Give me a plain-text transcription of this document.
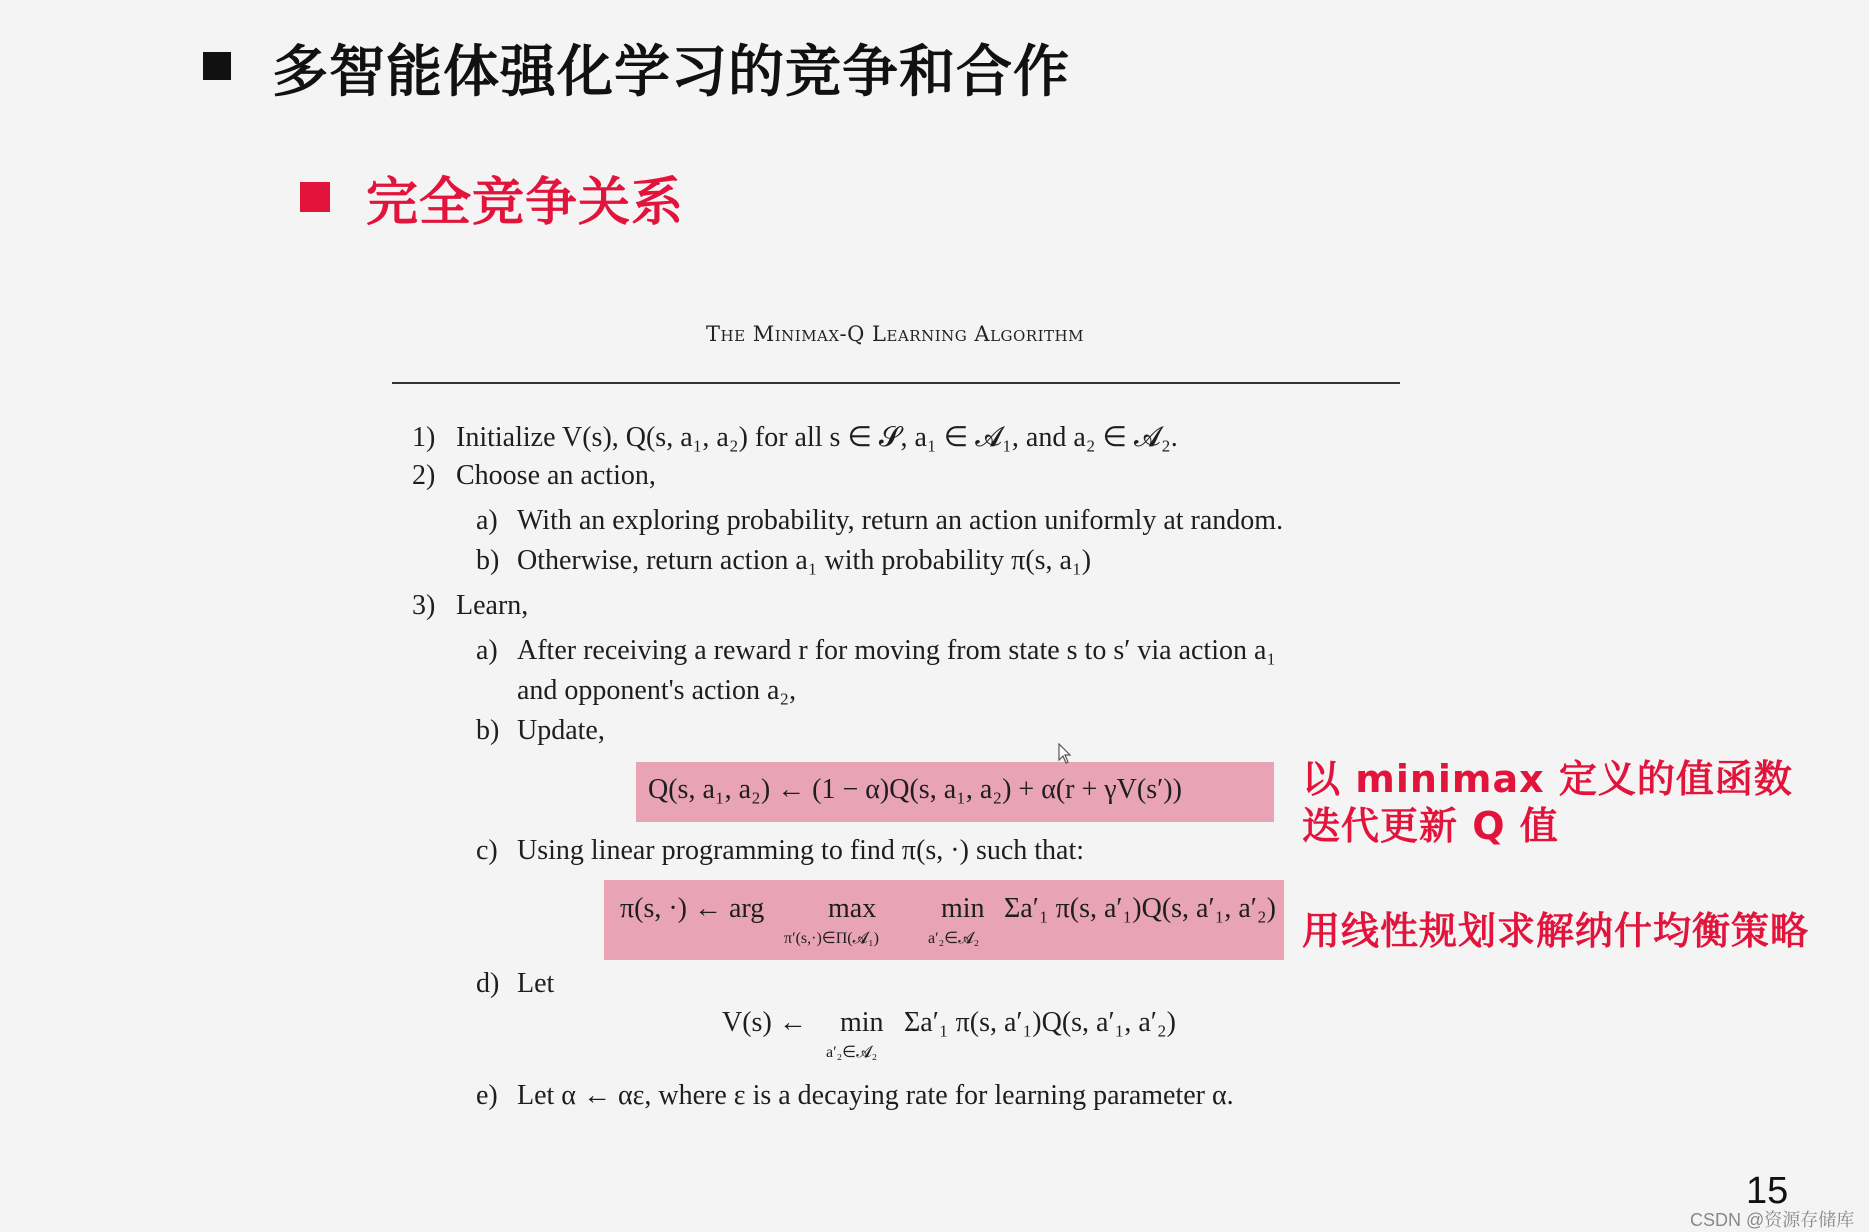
多智能体强化学习的竞争和合作
完全竞争关系
The Minimax-Q Learning Algorithm
1) Initialize V(s), Q(s, a₁, a₂) for all s ∈ 𝓢, a₁ ∈ 𝓐₁, and a₂ ∈ 𝓐₂.
2) Choose an action,
a) With an exploring probability, return an action uniformly at random.
b) Otherwise, return action a₁ with probability π(s, a₁)
3) Learn,
a) After receiving a reward r for moving from state s to s′ via action a₁
and opponent's action a₂,
b) Update,
Q(s, a₁, a₂) ← (1 − α)Q(s, a₁, a₂) + α(r + γV(s′))
c) Using linear programming to find π(s, ·) such that:
π(s, ·) ← arg max
π′(s,·)∈Π(𝓐₁)
min
a′₂∈𝓐₂
Σa′₁ π(s, a′₁)Q(s, a′₁, a′₂)
d) Let
V(s) ← min
a′₂∈𝓐₂
Σa′₁ π(s, a′₁)Q(s, a′₁, a′₂)
e) Let α ← αε, where ε is a decaying rate for learning parameter α.
以 minimax 定义的值函数
迭代更新 Q 值
用线性规划求解纳什均衡策略
15
CSDN @资源存储库
